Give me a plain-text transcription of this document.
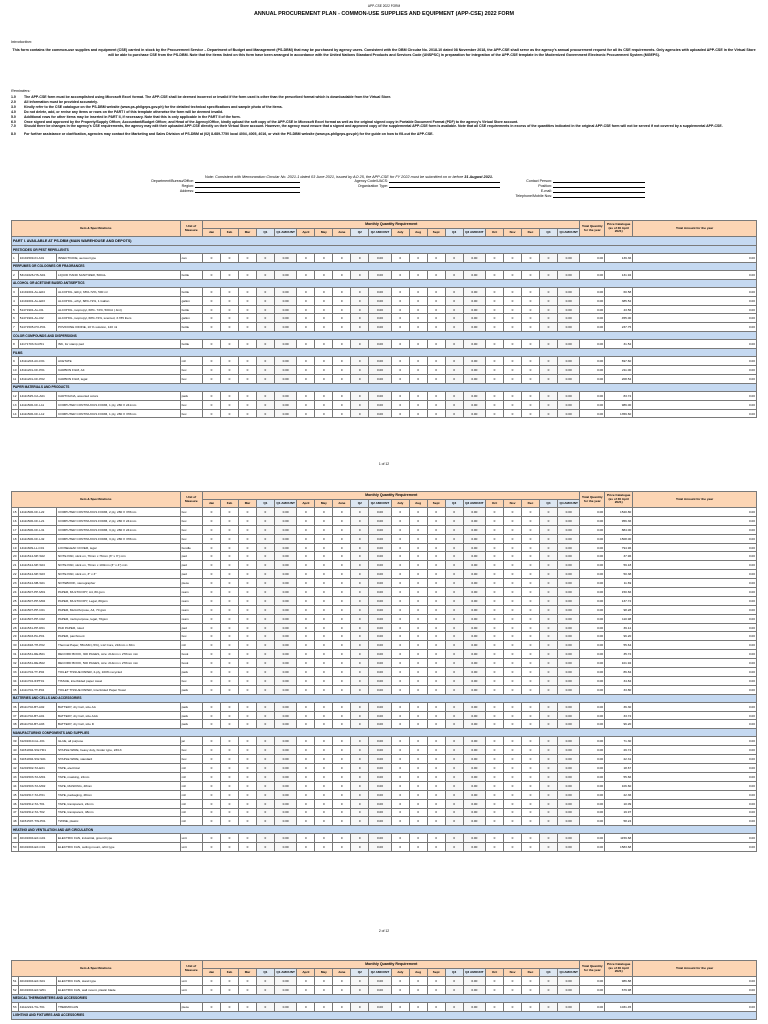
APP-CSE 2022 FORM
ANNUAL PROCUREMENT PLAN - COMMON-USE SUPPLIES AND EQUIPMENT (APP-CSE) 2022 FORM
Introduction:
This form contains the common-use supplies and equipment (CSE) carried in stock by the Procurement Service – Department of Budget and Management (PS-DBM) that may be purchased by agency users. Consistent with the DBM Circular No. 2018-10 dated 08 November 2018, the APP-CSE shall serve as the agency's annual procurement request for all its CSE requirements. Only agencies with uploaded APP-CSE in the Virtual Store will be able to purchase CSE from the PS-DBM. Note that the items listed on this form have been arranged in accordance with the United Nations Standard Products and Services Code (UNSPSC) in preparation for integration of the APP-CSE template in the Modernized Government Electronic Procurement System (MGEPS).
Reminders:
1.0	The APP-CSE form must be accomplished using Microsoft Excel format. The APP-CSE shall be deemed incorrect or invalid if the form used is other than the prescribed format which is downloadable from the Virtual Store.
2.0	All information must be provided accurately.
3.0	Kindly refer to the CSE catalogue on the PS-DBM website (www.ps-philgeps.gov.ph) for the detailed technical specifications and sample photo of the items.
4.0	Do not delete, add, or revise any items or rows on the PART I of this template otherwise the form will be deemed invalid.
5.0	Additional rows for other items may be inserted in PART II, if necessary. Note that this is only applicable in the PART II of the form.
6.0	Once signed and approved by the Property/Supply Officer, Accountant/Budget Officer, and Head of the Agency/Office, kindly upload the soft copy of the APP-CSE in Microsoft Excel format as well as the original signed copy in Portable Document Format (PDF) to the agency's Virtual Store account.
7.0	Should there be changes in the agency's CSE requirements, the agency may edit their uploaded APP-CSE directly on their Virtual Store account. However, the agency must ensure that a signed and approved copy of the supplemental APP-CSE form is available. Note that all CSE requirements in excess of the quantities indicated in the original APP-CSE form will not be served if not covered by a supplemental APP-CSE.
8.0	For further assistance or clarification, agencies may contact the Marketing and Sales Division of PS-DBM at (02) 8-689-7750 local 4004, 4005, 4016, or visit the PS-DBM website (www.ps-philgeps.gov.ph) for the guide on how to fill-out the APP-CSE.
Note: Consistent with Memorandum Circular No. 2021-1 dated 03 June 2021, issued by AO 25, the APP-CSE for FY 2022 must be submitted on or before 31 August 2021.
Department/Bureau/Office:
Region:
Address:
Agency Code/UACS:
Organization Type:
Contact Person:
Position:
E-mail:
Telephone/Mobile Nos:
Item & Specifications			Unit of Measure	Monthly Quantity Requirement																				Total Quantity for the year	Price Catalogue (as of 30 April 2021)	Total Amount for the year
				Jan	Feb	Mar	Q1	Q1 AMOUNT	April	May	June	Q2	Q2 AMOUNT	July	Aug	Sept	Q3	Q3 AMOUNT	Oct	Nov	Dec	Q4	Q4 AMOUNT			
PART I. AVAILABLE AT PS-DBM (MAIN WAREHOUSE AND DEPOTS)																										
PESTICIDES OR PEST REPELLENTS																										
1	10191509-IN-A01	INSECTICIDE, aerosol type	can	0	0	0	0	0.00	0	0	0	0	0.00	0	0	0	0	0.00	0	0	0	0	0.00	0.00	139.36	0.00
PERFUMES OR COLOGNES OR FRAGRANCES																										
2	53131626-HS-S01	LIQUID HAND SANITIZER, 500mL	bottle	0	0	0	0	0.00	0	0	0	0	0.00	0	0	0	0	0.00	0	0	0	0	0.00	0.00	131.92	0.00
ALCOHOL OR ACETONE BASED ANTISEPTICS																										
3	12191601-AL-E04	ALCOHOL, Ethyl, 68%-72%, 500 ml	bottle	0	0	0	0	0.00	0	0	0	0	0.00	0	0	0	0	0.00	0	0	0	0	0.00	0.00	60.58	0.00
4	12191601-AL-E03	ALCOHOL, ethyl, 68%-72%, 1 Gallon	gallon	0	0	0	0	0.00	0	0	0	0	0.00	0	0	0	0	0.00	0	0	0	0	0.00	0.00	385.52	0.00
5	51471901-AL-I01	ALCOHOL, isopropyl, 68%- 72%, 500ml ( 4ml)	bottle	0	0	0	0	0.00	0	0	0	0	0.00	0	0	0	0	0.00	0	0	0	0	0.00	0.00	43.56	0.00
6	51471901-AL-I02	ALCOHOL, isopropyl, 68%-72%, scented, 3.785 liters	gallon	0	0	0	0	0.00	0	0	0	0	0.00	0	0	0	0	0.00	0	0	0	0	0.00	0.00	455.00	0.00
7	51471505-PO-P01	POVIDONE IODINE, 10 % solution, 120 ml	bottle	0	0	0	0	0.00	0	0	0	0	0.00	0	0	0	0	0.00	0	0	0	0	0.00	0.00	237.75	0.00
COLOR COMPOUNDS AND DISPERSIONS																										
8	12171703-SI-P01	INK, for stamp pad	bottle	0	0	0	0	0.00	0	0	0	0	0.00	0	0	0	0	0.00	0	0	0	0	0.00	0.00	31.52	0.00
FILMS																										
9	13111203-AC-F01	ACETATE	roll	0	0	0	0	0.00	0	0	0	0	0.00	0	0	0	0	0.00	0	0	0	0	0.00	0.00	697.60	0.00
10	13111201-CF-P01	CARBON FILM, A4	box	0	0	0	0	0.00	0	0	0	0	0.00	0	0	0	0	0.00	0	0	0	0	0.00	0.00	211.00	0.00
11	13111201-CF-P02	CARBON FILM, legal	box	0	0	0	0	0.00	0	0	0	0	0.00	0	0	0	0	0.00	0	0	0	0	0.00	0.00	208.52	0.00
PAPER MATERIALS AND PRODUCTS																										
12	14111525-CA-A01	CARTOLINA, assorted colors	pack	0	0	0	0	0.00	0	0	0	0	0.00	0	0	0	0	0.00	0	0	0	0	0.00	0.00	83.72	0.00
13	14111506-CF-L11	COMPUTER CONTINUOUS FORM, 1 ply, 280 X 241mm	box	0	0	0	0	0.00	0	0	0	0	0.00	0	0	0	0	0.00	0	0	0	0	0.00	0.00	986.00	0.00
14	14111506-CF-L12	COMPUTER CONTINUOUS FORM, 1 ply, 280 X 378mm	box	0	0	0	0	0.00	0	0	0	0	0.00	0	0	0	0	0.00	0	0	0	0	0.00	0.00	1359.60	0.00
1 of 12
Item & Specifications			Unit of Measure	Monthly Quantity Requirement																				Total Quantity for the year	Price Catalogue (as of 30 April 2021)	Total Amount for the year
				Jan	Feb	Mar	Q1	Q1 AMOUNT	April	May	June	Q2	Q2 AMOUNT	July	Aug	Sept	Q3	Q3 AMOUNT	Oct	Nov	Dec	Q4	Q4 AMOUNT			
15	14111506-CF-L22	COMPUTER CONTINUOUS FORM, 2 ply, 280 X 378mm	box	0	0	0	0	0.00	0	0	0	0	0.00	0	0	0	0	0.00	0	0	0	0	0.00	0.00	1520.80	0.00
16	14111506-CF-L21	COMPUTER CONTINUOUS FORM, 2 ply, 280 X 241mm	box	0	0	0	0	0.00	0	0	0	0	0.00	0	0	0	0	0.00	0	0	0	0	0.00	0.00	956.36	0.00
17	14111506-CF-L31	COMPUTER CONTINUOUS FORM, 3 ply, 280 X 241mm	box	0	0	0	0	0.00	0	0	0	0	0.00	0	0	0	0	0.00	0	0	0	0	0.00	0.00	884.00	0.00
18	14111506-CF-L32	COMPUTER CONTINUOUS FORM, 3 ply, 280 X 378mm	box	0	0	0	0	0.00	0	0	0	0	0.00	0	0	0	0	0.00	0	0	0	0	0.00	0.00	1508.00	0.00
19	14111609-LL-C01	LOOSELEAF COVER, legal	bundle	0	0	0	0	0.00	0	0	0	0	0.00	0	0	0	0	0.00	0	0	0	0	0.00	0.00	794.96	0.00
20	14111514-NP-S02	NOTE PAD, stick on, 76mm x 76mm (3" x 3") min	pad	0	0	0	0	0.00	0	0	0	0	0.00	0	0	0	0	0.00	0	0	0	0	0.00	0.00	37.96	0.00
21	14111514-NP-S04	NOTE PAD, stick on, 76mm x 100mm (3" x 4") min	pad	0	0	0	0	0.00	0	0	0	0	0.00	0	0	0	0	0.00	0	0	0	0	0.00	0.00	59.18	0.00
22	14111514-NP-S03	NOTE PAD, stick on, 3" x 3"	pad	0	0	0	0	0.00	0	0	0	0	0.00	0	0	0	0	0.00	0	0	0	0	0.00	0.00	50.38	0.00
23	14111514-NB-S01	NOTEBOOK, stenographer	piece	0	0	0	0	0.00	0	0	0	0	0.00	0	0	0	0	0.00	0	0	0	0	0.00	0.00	11.69	0.00
24	14111507-PP-M01	PAPER, MULTICOPY, A4, 80 gsm	ream	0	0	0	0	0.00	0	0	0	0	0.00	0	0	0	0	0.00	0	0	0	0	0.00	0.00	150.66	0.00
25	14111507-PP-M02	PAPER, MULTICOPY, Legal, 80gsm	ream	0	0	0	0	0.00	0	0	0	0	0.00	0	0	0	0	0.00	0	0	0	0	0.00	0.00	137.72	0.00
26	14111507-PP-C01	PAPER, Multi-Purpose, A4, 70 gsm	ream	0	0	0	0	0.00	0	0	0	0	0.00	0	0	0	0	0.00	0	0	0	0	0.00	0.00	98.28	0.00
27	14111507-PP-C02	PAPER, multi-purpose, legal, 70gsm	ream	0	0	0	0	0.00	0	0	0	0	0.00	0	0	0	0	0.00	0	0	0	0	0.00	0.00	110.98	0.00
28	14111531-PP-R01	PAD PAPER, ruled	pad	0	0	0	0	0.00	0	0	0	0	0.00	0	0	0	0	0.00	0	0	0	0	0.00	0.00	39.12	0.00
29	14111503-PA-P01	PAPER, parchment	box	0	0	0	0	0.00	0	0	0	0	0.00	0	0	0	0	0.00	0	0	0	0	0.00	0.00	96.20	0.00
30	14111818-TH-P02	Thermal Paper, 55GSM (-5%), L12 Core, 216mm x 30m	roll	0	0	0	0	0.00	0	0	0	0	0.00	0	0	0	0	0.00	0	0	0	0	0.00	0.00	55.64	0.00
31	14111531-RE-B01	RECORD BOOK, 300 PAGES, size: 214mm x 278mm min	book	0	0	0	0	0.00	0	0	0	0	0.00	0	0	0	0	0.00	0	0	0	0	0.00	0.00	35.72	0.00
32	14111531-RE-B02	RECORD BOOK, 500 PAGES, size: 214mm x 278mm min	book	0	0	0	0	0.00	0	0	0	0	0.00	0	0	0	0	0.00	0	0	0	0	0.00	0.00	101.92	0.00
33	14111704-TT-P02	TOILET TISSUE PAPER, 2-ply, 100% recycled	pack	0	0	0	0	0.00	0	0	0	0	0.00	0	0	0	0	0.00	0	0	0	0	0.00	0.00	86.84	0.00
34	14111704-IFPT01	TISSUE, interfolded paper towel	box	0	0	0	0	0.00	0	0	0	0	0.00	0	0	0	0	0.00	0	0	0	0	0.00	0.00	34.84	0.00
35	14111704-TT-P04	TOILET TISSUE PAPER, Interfolded Paper Towel	pack	0	0	0	0	0.00	0	0	0	0	0.00	0	0	0	0	0.00	0	0	0	0	0.00	0.00	33.80	0.00
BATTERIES AND CELLS AND ACCESSORIES																										
36	26111702-BT-A02	BATTERY, dry Cell, size AA	pack	0	0	0	0	0.00	0	0	0	0	0.00	0	0	0	0	0.00	0	0	0	0	0.00	0.00	36.30	0.00
37	26111702-BT-A01	BATTERY, dry Cell, size AAA	pack	0	0	0	0	0.00	0	0	0	0	0.00	0	0	0	0	0.00	0	0	0	0	0.00	0.00	33.72	0.00
38	26111702-BT-A03	BATTERY, dry Cell, size D	pack	0	0	0	0	0.00	0	0	0	0	0.00	0	0	0	0	0.00	0	0	0	0	0.00	0.00	96.20	0.00
MANUFACTURING COMPONENTS AND SUPPLIES																										
39	31201610-GL-J01	GLUE, all purpose	jar	0	0	0	0	0.00	0	0	0	0	0.00	0	0	0	0	0.00	0	0	0	0	0.00	0.00	71.30	0.00
40	31151804-SW-H01	STAPLE WIRE, heavy duty, binder type, 23/13	box	0	0	0	0	0.00	0	0	0	0	0.00	0	0	0	0	0.00	0	0	0	0	0.00	0.00	29.74	0.00
41	31151804-SW-S01	STAPLE WIRE, standard	box	0	0	0	0	0.00	0	0	0	0	0.00	0	0	0	0	0.00	0	0	0	0	0.00	0.00	22.31	0.00
42	31201502-TA-E01	TAPE, electrical	roll	0	0	0	0	0.00	0	0	0	0	0.00	0	0	0	0	0.00	0	0	0	0	0.00	0.00	18.67	0.00
43	31201503-TA-M01	TAPE, masking, 24mm	roll	0	0	0	0	0.00	0	0	0	0	0.00	0	0	0	0	0.00	0	0	0	0	0.00	0.00	55.66	0.00
44	31201503-TA-M02	TAPE, MASKING, 48mm	roll	0	0	0	0	0.00	0	0	0	0	0.00	0	0	0	0	0.00	0	0	0	0	0.00	0.00	106.60	0.00
45	31201517-TA-P01	TAPE, packaging, 48mm	roll	0	0	0	0	0.00	0	0	0	0	0.00	0	0	0	0	0.00	0	0	0	0	0.00	0.00	22.36	0.00
46	31201512-TA-T01	TAPE, transparent, 24mm	roll	0	0	0	0	0.00	0	0	0	0	0.00	0	0	0	0	0.00	0	0	0	0	0.00	0.00	10.09	0.00
47	31201512-TA-T02	TAPE, transparent, 48mm	roll	0	0	0	0	0.00	0	0	0	0	0.00	0	0	0	0	0.00	0	0	0	0	0.00	0.00	19.97	0.00
48	31151507-TW-P01	TWINE, plastic	roll	0	0	0	0	0.00	0	0	0	0	0.00	0	0	0	0	0.00	0	0	0	0	0.00	0.00	58.24	0.00
HEATING AND VENTILATION AND AIR CIRCULATION																										
49	40101604-EF-G01	ELECTRIC FAN, industrial, ground type	unit	0	0	0	0	0.00	0	0	0	0	0.00	0	0	0	0	0.00	0	0	0	0	0.00	0.00	1159.68	0.00
50	40101604-EF-C01	ELECTRIC FAN, ceiling mount, orbit type	unit	0	0	0	0	0.00	0	0	0	0	0.00	0	0	0	0	0.00	0	0	0	0	0.00	0.00	1583.68	0.00
2 of 12
Item & Specifications			Unit of Measure	Monthly Quantity Requirement																				Total Quantity for the year	Price Catalogue (as of 30 April 2021)	Total Amount for the year
				Jan	Feb	Mar	Q1	Q1 AMOUNT	April	May	June	Q2	Q2 AMOUNT	July	Aug	Sept	Q3	Q3 AMOUNT	Oct	Nov	Dec	Q4	Q4 AMOUNT			
51	40101604-EF-S01	ELECTRIC FAN, stand type	unit	0	0	0	0	0.00	0	0	0	0	0.00	0	0	0	0	0.00	0	0	0	0	0.00	0.00	986.88	0.00
52	40101604-EF-W01	ELECTRIC FAN, wall mount, plastic blade	unit	0	0	0	0	0.00	0	0	0	0	0.00	0	0	0	0	0.00	0	0	0	0	0.00	0.00	679.98	0.00
MEDICAL THERMOMETERS AND ACCESSORIES																										
53	41112224-TG-T01	THERMOGUN	piece	0	0	0	0	0.00	0	0	0	0	0.00	0	0	0	0	0.00	0	0	0	0	0.00	0.00	1031.45	0.00
LIGHTING AND FIXTURES AND ACCESSORIES																										
